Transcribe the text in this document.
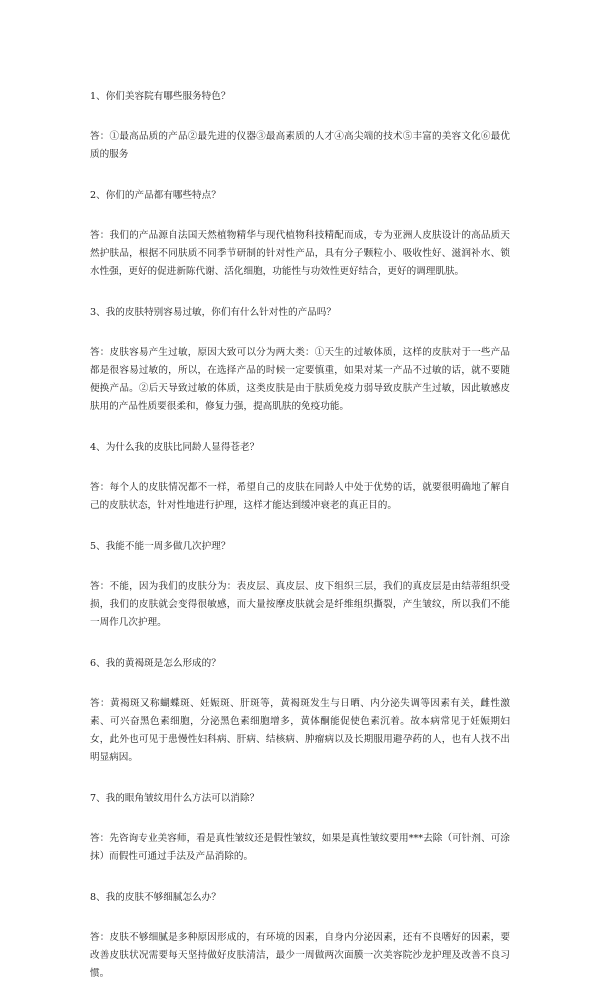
1、你们美容院有哪些服务特色？

答：①最高品质的产品②最先进的仪器③最高素质的人才④高尖端的技术⑤丰富的美容文化⑥最优质的服务

2、你们的产品都有哪些特点？

答：我们的产品源自法国天然植物精华与现代植物科技精配而成，专为亚洲人皮肤设计的高品质天然护肤品，根据不同肤质不同季节研制的针对性产品，具有分子颗粒小、吸收性好、滋润补水、锁水性强，更好的促进新陈代谢、活化细胞，功能性与功效性更好结合，更好的调理肌肤。

3、我的皮肤特别容易过敏，你们有什么针对性的产品吗？

答：皮肤容易产生过敏，原因大致可以分为两大类：①天生的过敏体质，这样的皮肤对于一些产品都是很容易过敏的，所以，在选择产品的时候一定要慎重，如果对某一产品不过敏的话，就不要随便换产品。②后天导致过敏的体质，这类皮肤是由于肤质免疫力弱导致皮肤产生过敏，因此敏感皮肤用的产品性质要很柔和，修复力强，提高肌肤的免疫功能。

4、为什么我的皮肤比同龄人显得苍老？

答：每个人的皮肤情况都不一样，希望自己的皮肤在同龄人中处于优势的话，就要很明确地了解自己的皮肤状态，针对性地进行护理，这样才能达到缓冲衰老的真正目的。

5、我能不能一周多做几次护理？

答：不能，因为我们的皮肤分为：表皮层、真皮层、皮下组织三层，我们的真皮层是由结蒂组织受损，我们的皮肤就会变得很敏感，而大量按摩皮肤就会是纤维组织撕裂，产生皱纹，所以我们不能一周作几次护理。

6、我的黄褐斑是怎么形成的？

答：黄褐斑又称蝴蝶斑、妊娠斑、肝斑等，黄褐斑发生与日晒、内分泌失调等因素有关，雌性激素、可兴奋黑色素细胞，分泌黑色素细胞增多，黄体酮能促使色素沉着。故本病常见于妊娠期妇女，此外也可见于患慢性妇科病、肝病、结核病、肿瘤病以及长期服用避孕药的人，也有人找不出明显病因。

7、我的眼角皱纹用什么方法可以消除？

答：先咨询专业美容师，看是真性皱纹还是假性皱纹，如果是真性皱纹要用***去除（可针剂、可涂抹）而假性可通过手法及产品消除的。

8、我的皮肤不够细腻怎么办？

答：皮肤不够细腻是多种原因形成的，有环境的因素，自身内分泌因素，还有不良嗜好的因素，要改善皮肤状况需要每天坚持做好皮肤清洁，最少一周做两次面膜一次美容院沙龙护理及改善不良习惯。
